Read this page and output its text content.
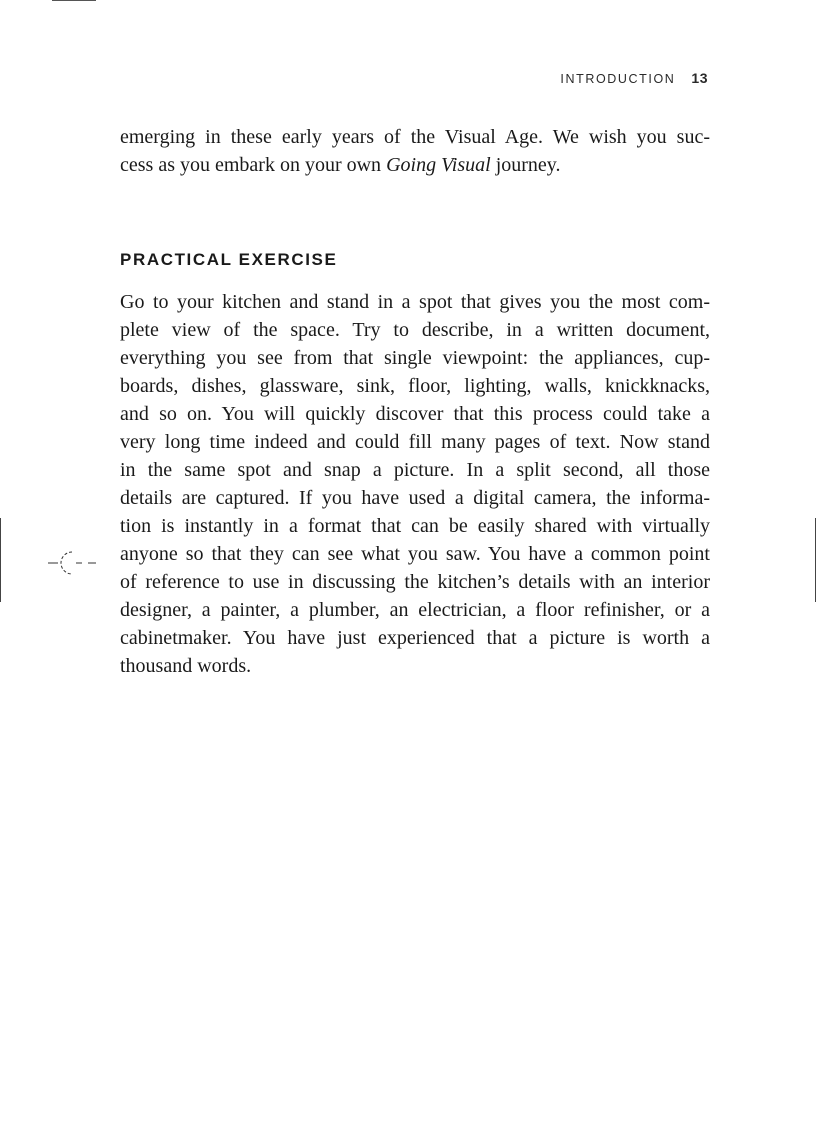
INTRODUCTION 13
emerging in these early years of the Visual Age. We wish you suc-
cess as you embark on your own Going Visual journey.
PRACTICAL EXERCISE
Go to your kitchen and stand in a spot that gives you the most com-
plete view of the space. Try to describe, in a written document,
everything you see from that single viewpoint: the appliances, cup-
boards, dishes, glassware, sink, floor, lighting, walls, knickknacks,
and so on. You will quickly discover that this process could take a
very long time indeed and could fill many pages of text. Now stand
in the same spot and snap a picture. In a split second, all those
details are captured. If you have used a digital camera, the informa-
tion is instantly in a format that can be easily shared with virtually
anyone so that they can see what you saw. You have a common point
of reference to use in discussing the kitchen’s details with an interior
designer, a painter, a plumber, an electrician, a floor refinisher, or a
cabinetmaker. You have just experienced that a picture is worth a
thousand words.
